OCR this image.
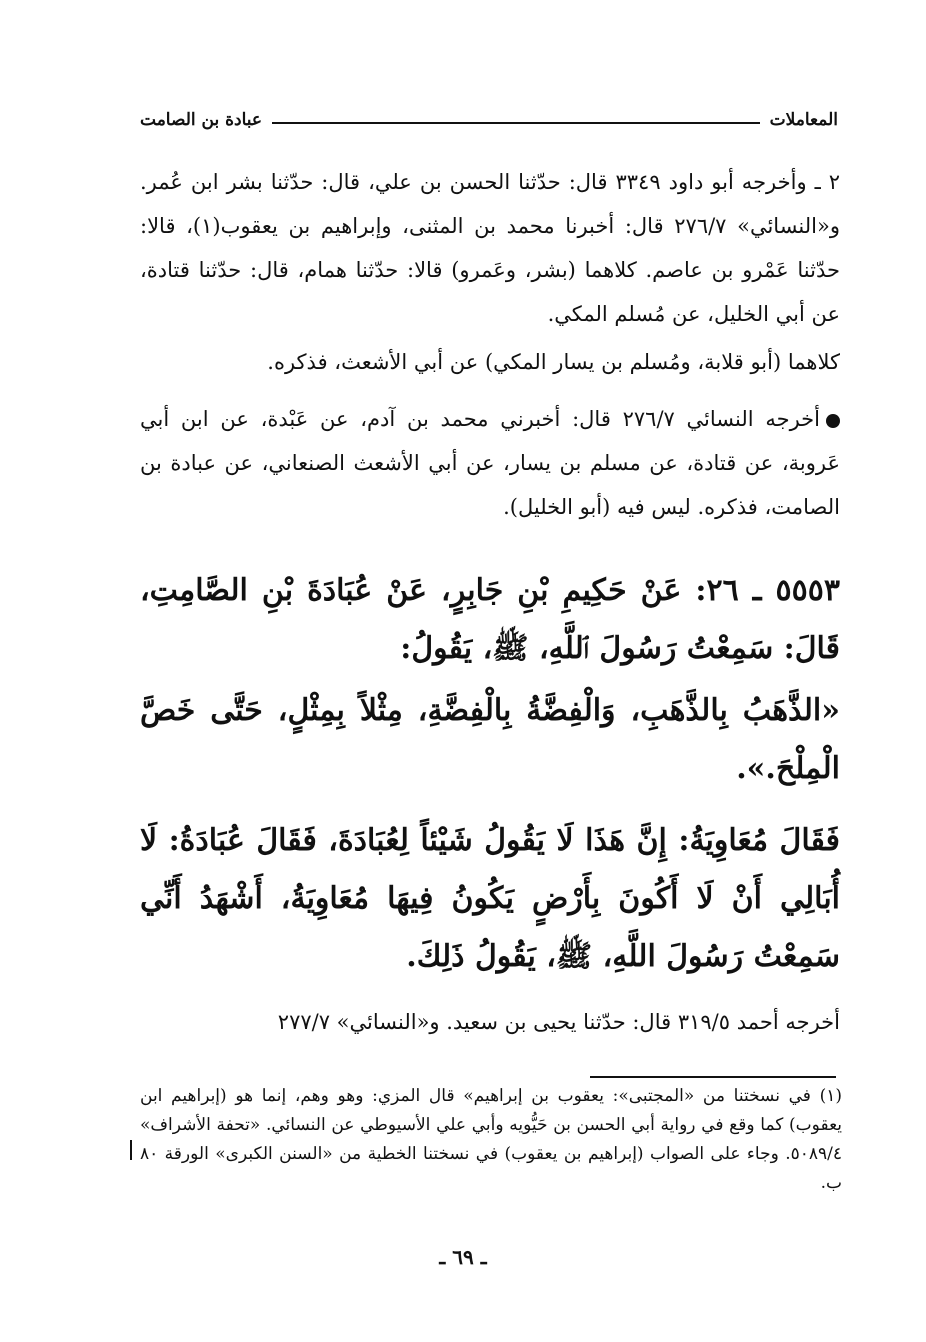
المعاملات
عبادة بن الصامت
٢ ـ وأخرجه أبو داود ٣٣٤٩ قال: حدّثنا الحسن بن علي، قال: حدّثنا بشر ابن عُمر. و«النسائي» ٢٧٦/٧ قال: أخبرنا محمد بن المثنى، وإبراهيم بن يعقوب(١)، قالا: حدّثنا عَمْرو بن عاصم. كلاهما (بشر، وعَمرو) قالا: حدّثنا همام، قال: حدّثنا قتادة، عن أبي الخليل، عن مُسلم المكي.
كلاهما (أبو قلابة، ومُسلم بن يسار المكي) عن أبي الأشعث، فذكره.
أخرجه النسائي ٢٧٦/٧ قال: أخبرني محمد بن آدم، عن عَبْدة، عن ابن أبي عَروبة، عن قتادة، عن مسلم بن يسار، عن أبي الأشعث الصنعاني، عن عبادة بن الصامت، فذكره. ليس فيه (أبو الخليل).
٥٥٥٣ ـ ٢٦: عَنْ حَكِيمِ بْنِ جَابِرٍ، عَنْ عُبَادَةَ بْنِ الصَّامِتِ، قَالَ: سَمِعْتُ رَسُولَ ٱللَّهِ، ﷺ، يَقُولُ:
«الذَّهَبُ بِالذَّهَبِ، وَالْفِضَّةُ بِالْفِضَّةِ، مِثْلاً بِمِثْلٍ، حَتَّى خَصَّ الْمِلْحَ.».
فَقَالَ مُعَاوِيَةُ: إِنَّ هَذَا لَا يَقُولُ شَيْئاً لِعُبَادَةَ، فَقَالَ عُبَادَةُ: لَا أُبَالِي أَنْ لَا أَكُونَ بِأَرْضٍ يَكُونُ فِيهَا مُعَاوِيَةُ، أَشْهَدُ أَنِّي سَمِعْتُ رَسُولَ اللَّهِ، ﷺ، يَقُولُ ذَلِكَ.
أخرجه أحمد ٣١٩/٥ قال: حدّثنا يحيى بن سعيد. و«النسائي» ٢٧٧/٧
(١) في نسختنا من «المجتبى»: يعقوب بن إبراهيم» قال المزي: وهو وهم، إنما هو (إبراهيم ابن يعقوب) كما وقع في رواية أبي الحسن بن حَيُّويه وأبي علي الأسيوطي عن النسائي. «تحفة الأشراف» ٥٠٨٩/٤. وجاء على الصواب (إبراهيم بن يعقوب) في نسختنا الخطية من «السنن الكبرى» الورقة ٨٠ ب.
ـ ٦٩ ـ
